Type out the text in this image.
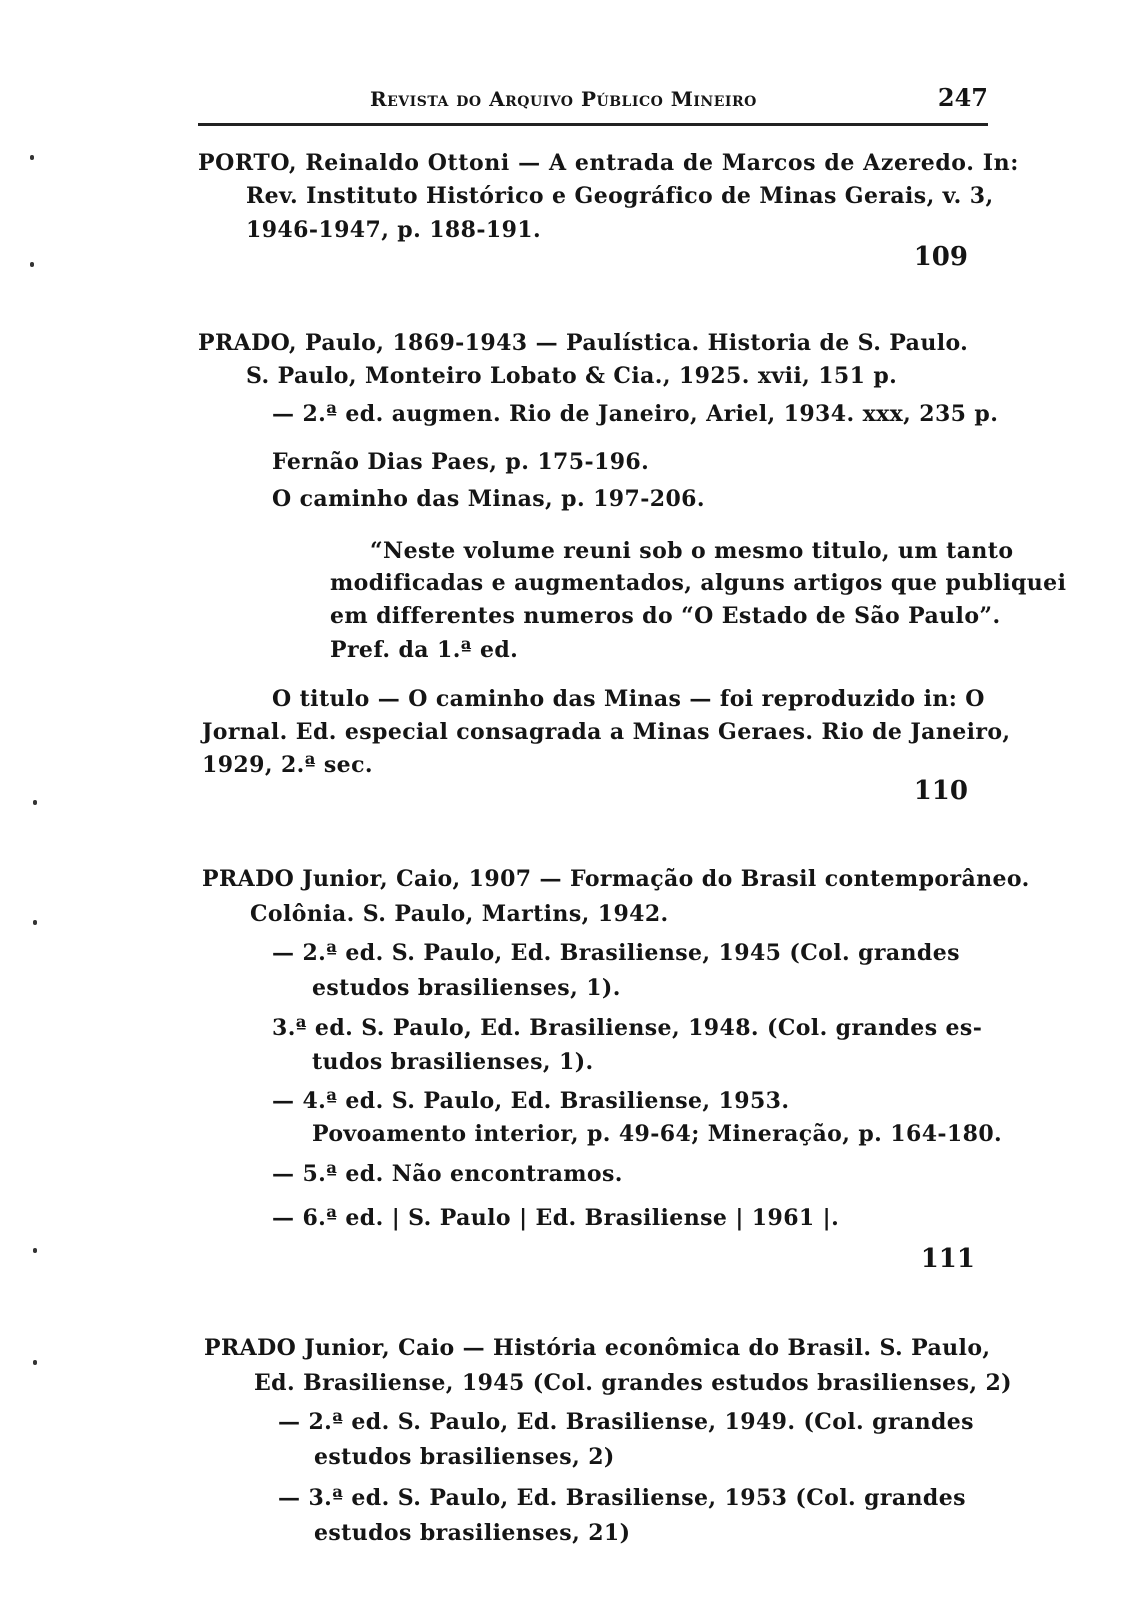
Revista do Arquivo Público Mineiro	247
PORTO, Reinaldo Ottoni — A entrada de Marcos de Azeredo. In:
Rev. Instituto Histórico e Geográfico de Minas Gerais, v. 3,
1946-1947, p. 188-191.
109
PRADO, Paulo, 1869-1943 — Paulística. Historia de S. Paulo.
S. Paulo, Monteiro Lobato & Cia., 1925. xvii, 151 p.
— 2.ª ed. augmen. Rio de Janeiro, Ariel, 1934. xxx, 235 p.
Fernão Dias Paes, p. 175-196.
O caminho das Minas, p. 197-206.
“Neste volume reuni sob o mesmo titulo, um tanto
modificadas e augmentados, alguns artigos que publiquei
em differentes numeros do “O Estado de São Paulo”.
Pref. da 1.ª ed.
O titulo — O caminho das Minas — foi reproduzido in: O
Jornal. Ed. especial consagrada a Minas Geraes. Rio de Janeiro,
1929, 2.ª sec.
110
PRADO Junior, Caio, 1907 — Formação do Brasil contemporâneo.
Colônia. S. Paulo, Martins, 1942.
— 2.ª ed. S. Paulo, Ed. Brasiliense, 1945 (Col. grandes
estudos brasilienses, 1).
3.ª ed. S. Paulo, Ed. Brasiliense, 1948. (Col. grandes es-
tudos brasilienses, 1).
— 4.ª ed. S. Paulo, Ed. Brasiliense, 1953.
Povoamento interior, p. 49-64; Mineração, p. 164-180.
— 5.ª ed. Não encontramos.
— 6.ª ed. | S. Paulo | Ed. Brasiliense | 1961 |.
111
PRADO Junior, Caio — História econômica do Brasil. S. Paulo,
Ed. Brasiliense, 1945 (Col. grandes estudos brasilienses, 2)
— 2.ª ed. S. Paulo, Ed. Brasiliense, 1949. (Col. grandes
estudos brasilienses, 2)
— 3.ª ed. S. Paulo, Ed. Brasiliense, 1953 (Col. grandes
estudos brasilienses, 21)
